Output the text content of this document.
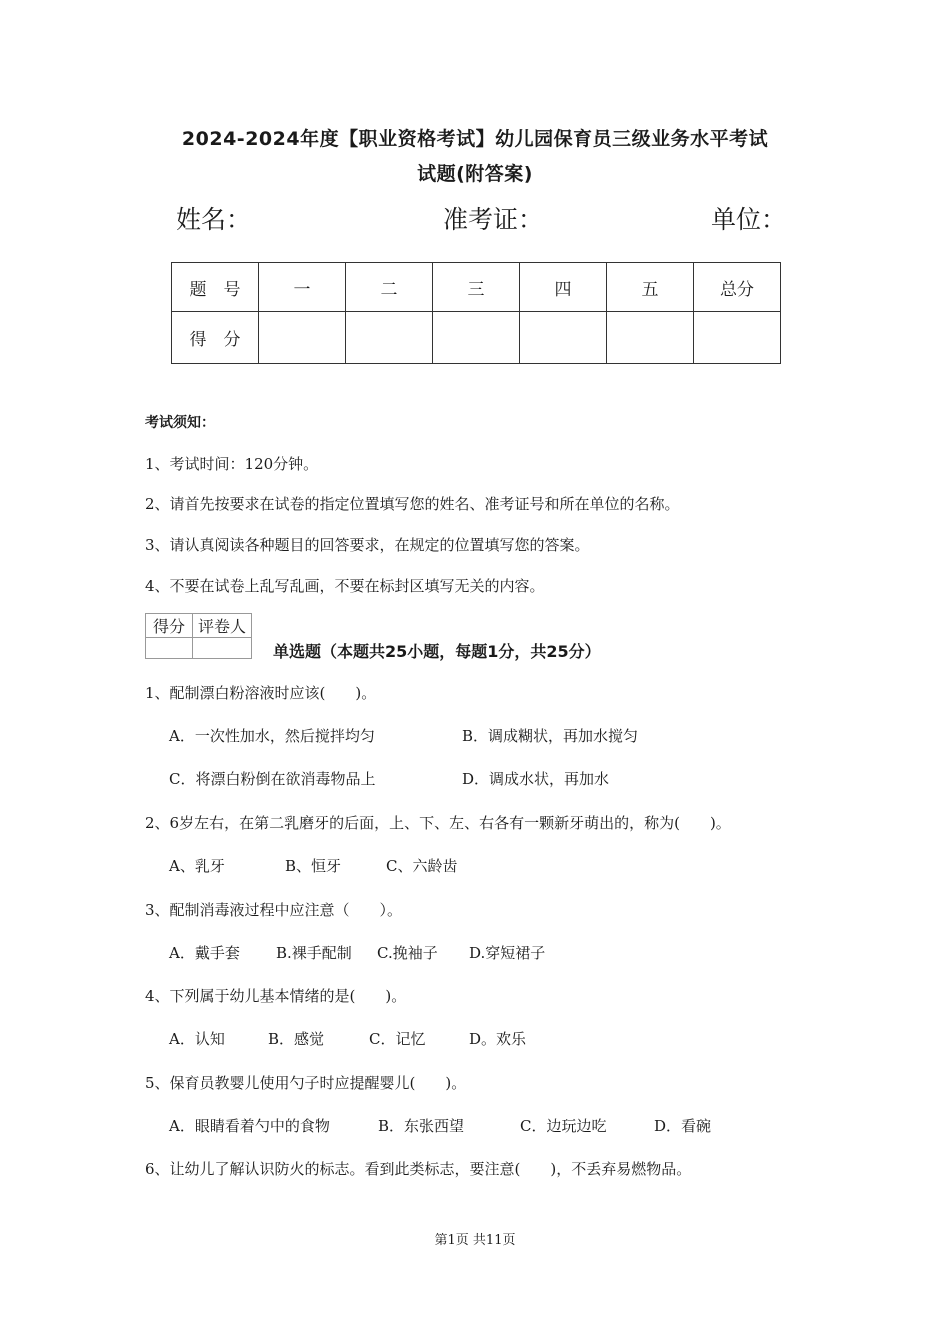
2024-2024年度【职业资格考试】幼儿园保育员三级业务水平考试
试题(附答案)
姓名：	准考证：	单位：
题　号	一	二	三	四	五	总分
得　分						
考试须知：
1、考试时间：120分钟。
2、请首先按要求在试卷的指定位置填写您的姓名、准考证号和所在单位的名称。
3、请认真阅读各种题目的回答要求，在规定的位置填写您的答案。
4、不要在试卷上乱写乱画，不要在标封区填写无关的内容。
得分	评卷人

单选题（本题共25小题，每题1分，共25分）
1、配制漂白粉溶液时应该(　　)。
A．一次性加水，然后搅拌均匀	B．调成糊状，再加水搅匀
C．将漂白粉倒在欲消毒物品上	D．调成水状，再加水
2、6岁左右，在第二乳磨牙的后面，上、下、左、右各有一颗新牙萌出的，称为(　　)。
A、乳牙	B、恒牙	C、六龄齿
3、配制消毒液过程中应注意（　　）。
A．戴手套 B.裸手配制 C.挽袖子 D.穿短裙子
4、下列属于幼儿基本情绪的是(　　)。
A．认知	B．感觉	C．记忆	D。欢乐
5、保育员教婴儿使用勺子时应提醒婴儿(　　)。
A．眼睛看着勺中的食物	B．东张西望	C．边玩边吃	D．看碗
6、让幼儿了解认识防火的标志。看到此类标志，要注意(　　)，不丢弃易燃物品。
第1页 共11页
